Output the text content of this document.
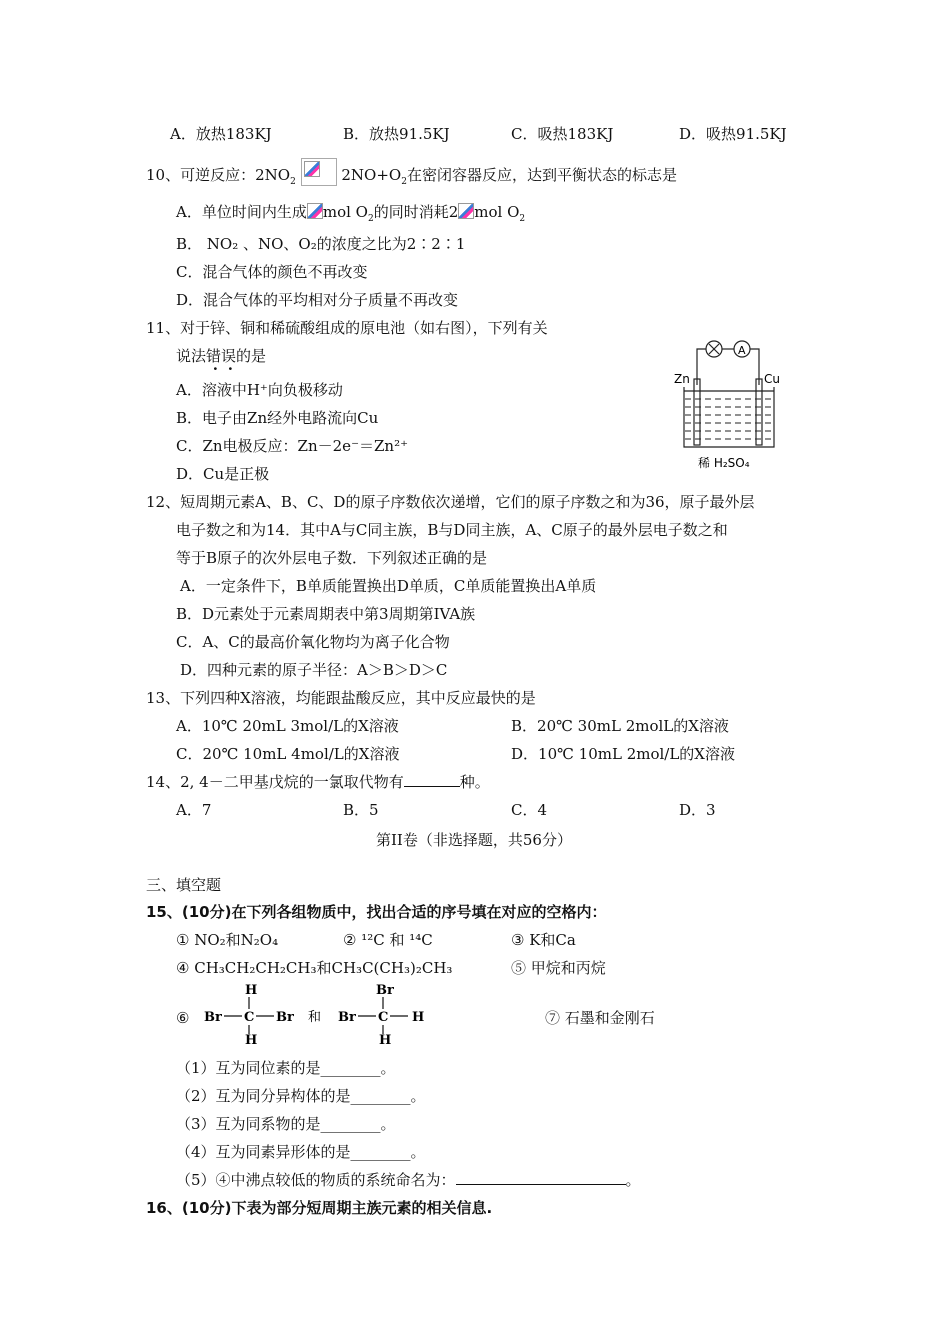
A．放热183KJ	B．放热91.5KJ	C．吸热183KJ	D．吸热91.5KJ
10、可逆反应：$2NO_2$	$2NO+O_2$在密闭容器反应，达到平衡状态的标志是
A．单位时间内生成 mol $O_2$的同时消耗2 mol $O_2$
B． NO₂ 、NO、O₂的浓度之比为2∶2∶1
C．混合气体的颜色不再改变
D．混合气体的平均相对分子质量不再改变
11、对于锌、铜和稀硫酸组成的原电池（如右图），下列有关
说法错误的是
A．溶液中H⁺向负极移动
B．电子由Zn经外电路流向Cu
C．Zn电极反应：Zn－2e⁻＝Zn²⁺
D．Cu是正极
A
Zn	Cu
稀 H₂SO₄
12、短周期元素A、B、C、D的原子序数依次递增，它们的原子序数之和为36，原子最外层
电子数之和为14．其中A与C同主族，B与D同主族，A、C原子的最外层电子数之和
等于B原子的次外层电子数．下列叙述正确的是
A．一定条件下，B单质能置换出D单质，C单质能置换出A单质
B．D元素处于元素周期表中第3周期第IVA族
C．A、C的最高价氧化物均为离子化合物
D．四种元素的原子半径：A＞B＞D＞C
13、下列四种X溶液，均能跟盐酸反应，其中反应最快的是
A．10℃ 20mL 3mol/L的X溶液	B．20℃ 30mL 2molL的X溶液
C．20℃ 10mL 4mol/L的X溶液	D．10℃ 10mL 2mol/L的X溶液
14、2, 4－二甲基戊烷的一氯取代物有	种。
A．7	B．5	C．4	D．3
第II卷（非选择题，共56分）
三、填空题
15、(10分)在下列各组物质中，找出合适的序号填在对应的空格内：
① NO₂和N₂O₄	② ¹²C 和 ¹⁴C	③ K和Ca
④ CH₃CH₂CH₂CH₃和CH₃C(CH₃)₂CH₃	⑤ 甲烷和丙烷
⑥
H
Br C Br
H
和
Br
Br C H
H
⑦ 石墨和金刚石
（1）互为同位素的是________。
（2）互为同分异构体的是________。
（3）互为同系物的是________。
（4）互为同素异形体的是________。
（5）④中沸点较低的物质的系统命名为：	。
16、(10分)下表为部分短周期主族元素的相关信息.
